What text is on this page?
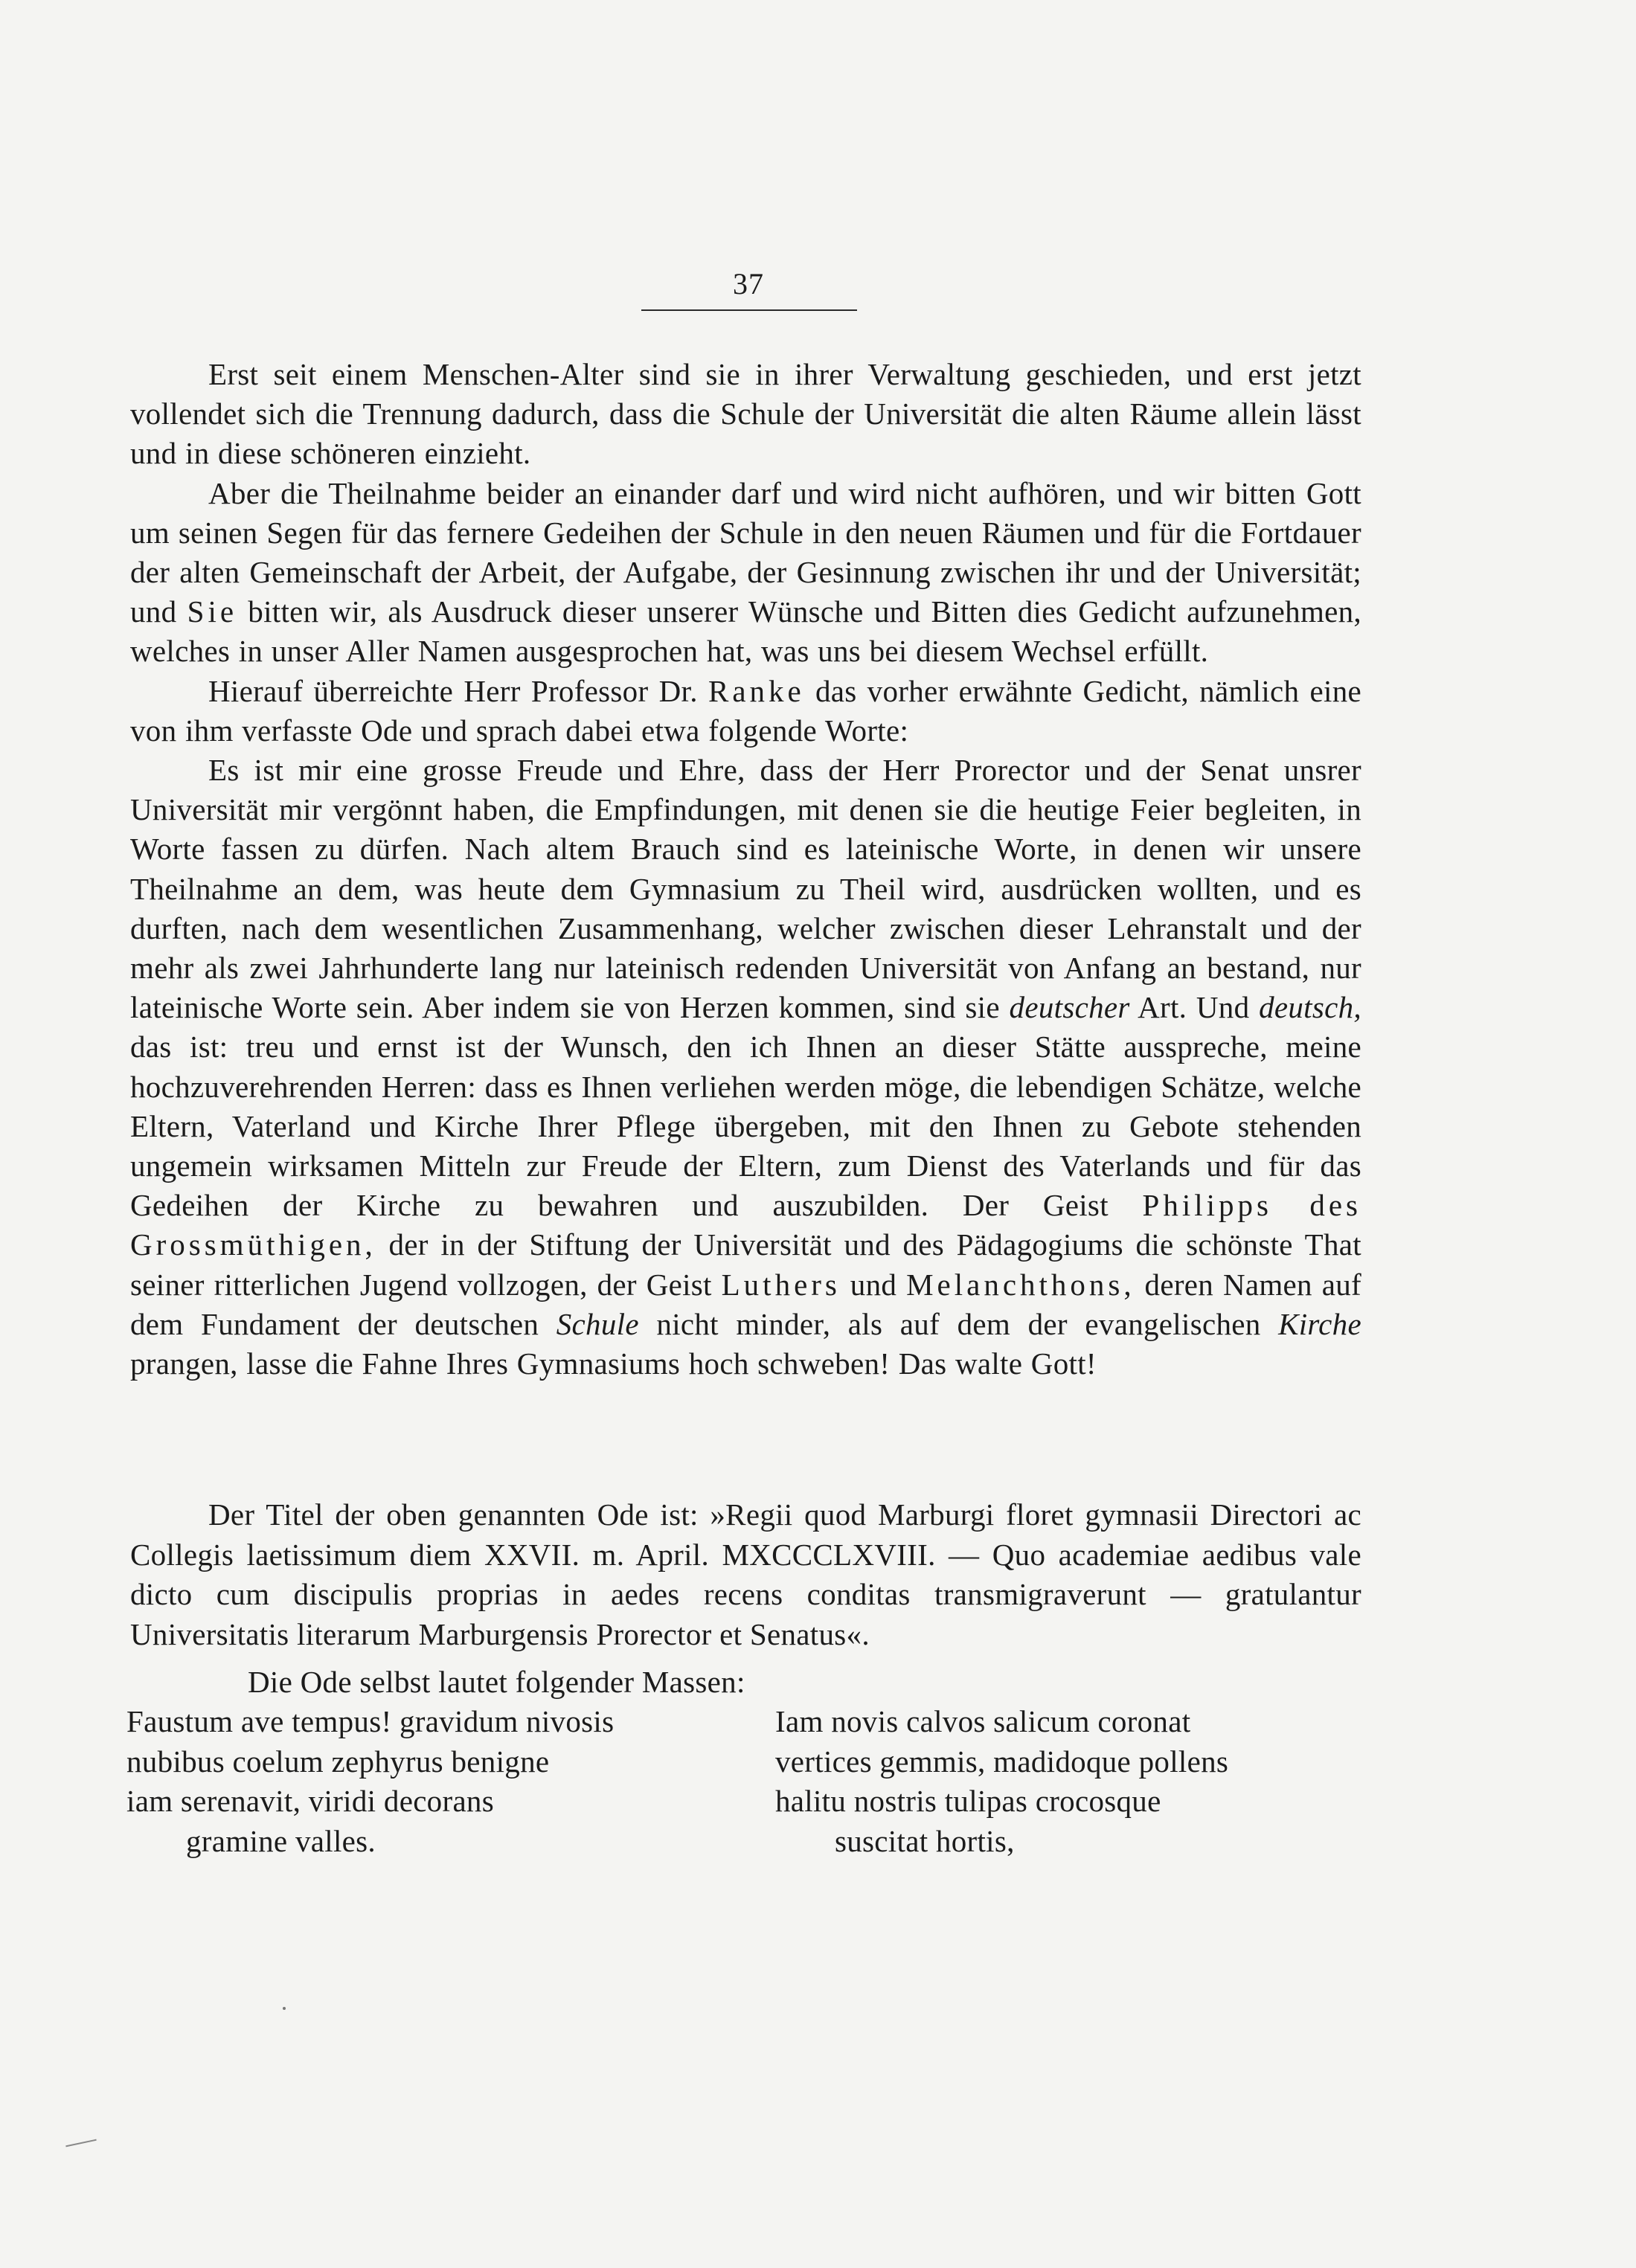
37

Erst seit einem Menschen-Alter sind sie in ihrer Verwaltung geschieden, und erst jetzt vollendet sich die Trennung dadurch, dass die Schule der Universität die alten Räume allein lässt und in diese schöneren einzieht.

Aber die Theilnahme beider an einander darf und wird nicht aufhören, und wir bitten Gott um seinen Segen für das fernere Gedeihen der Schule in den neuen Räumen und für die Fortdauer der alten Gemeinschaft der Arbeit, der Aufgabe, der Gesinnung zwischen ihr und der Universität; und Sie bitten wir, als Ausdruck dieser unserer Wünsche und Bitten dies Gedicht aufzunehmen, welches in unser Aller Namen ausgesprochen hat, was uns bei diesem Wechsel erfüllt.

Hierauf überreichte Herr Professor Dr. Ranke das vorher erwähnte Gedicht, nämlich eine von ihm verfasste Ode und sprach dabei etwa folgende Worte:

Es ist mir eine grosse Freude und Ehre, dass der Herr Prorector und der Senat unsrer Universität mir vergönnt haben, die Empfindungen, mit denen sie die heutige Feier begleiten, in Worte fassen zu dürfen. Nach altem Brauch sind es lateinische Worte, in denen wir unsere Theilnahme an dem, was heute dem Gymnasium zu Theil wird, ausdrücken wollten, und es durften, nach dem wesentlichen Zusammenhang, welcher zwischen dieser Lehranstalt und der mehr als zwei Jahrhunderte lang nur lateinisch redenden Universität von Anfang an bestand, nur lateinische Worte sein. Aber indem sie von Herzen kommen, sind sie deutscher Art. Und deutsch, das ist: treu und ernst ist der Wunsch, den ich Ihnen an dieser Stätte ausspreche, meine hochzuverehrenden Herren: dass es Ihnen verliehen werden möge, die lebendigen Schätze, welche Eltern, Vaterland und Kirche Ihrer Pflege übergeben, mit den Ihnen zu Gebote stehenden ungemein wirksamen Mitteln zur Freude der Eltern, zum Dienst des Vaterlands und für das Gedeihen der Kirche zu bewahren und auszubilden. Der Geist Philipps des Grossmüthigen, der in der Stiftung der Universität und des Pädagogiums die schönste That seiner ritterlichen Jugend vollzogen, der Geist Luthers und Melanchthons, deren Namen auf dem Fundament der deutschen Schule nicht minder, als auf dem der evangelischen Kirche prangen, lasse die Fahne Ihres Gymnasiums hoch schweben! Das walte Gott!

Der Titel der oben genannten Ode ist: »Regii quod Marburgi floret gymnasii Directori ac Collegis laetissimum diem XXVII. m. April. MXCCCLXVIII. — Quo academiae aedibus vale dicto cum discipulis proprias in aedes recens conditas transmigraverunt — gratulantur Universitatis literarum Marburgensis Prorector et Senatus«.

Die Ode selbst lautet folgender Massen:
Faustum ave tempus! gravidum nivosis
nubibus coelum zephyrus benigne
iam serenavit, viridi decorans
gramine valles.
Iam novis calvos salicum coronat
vertices gemmis, madidoque pollens
halitu nostris tulipas crocosque
suscitat hortis,
